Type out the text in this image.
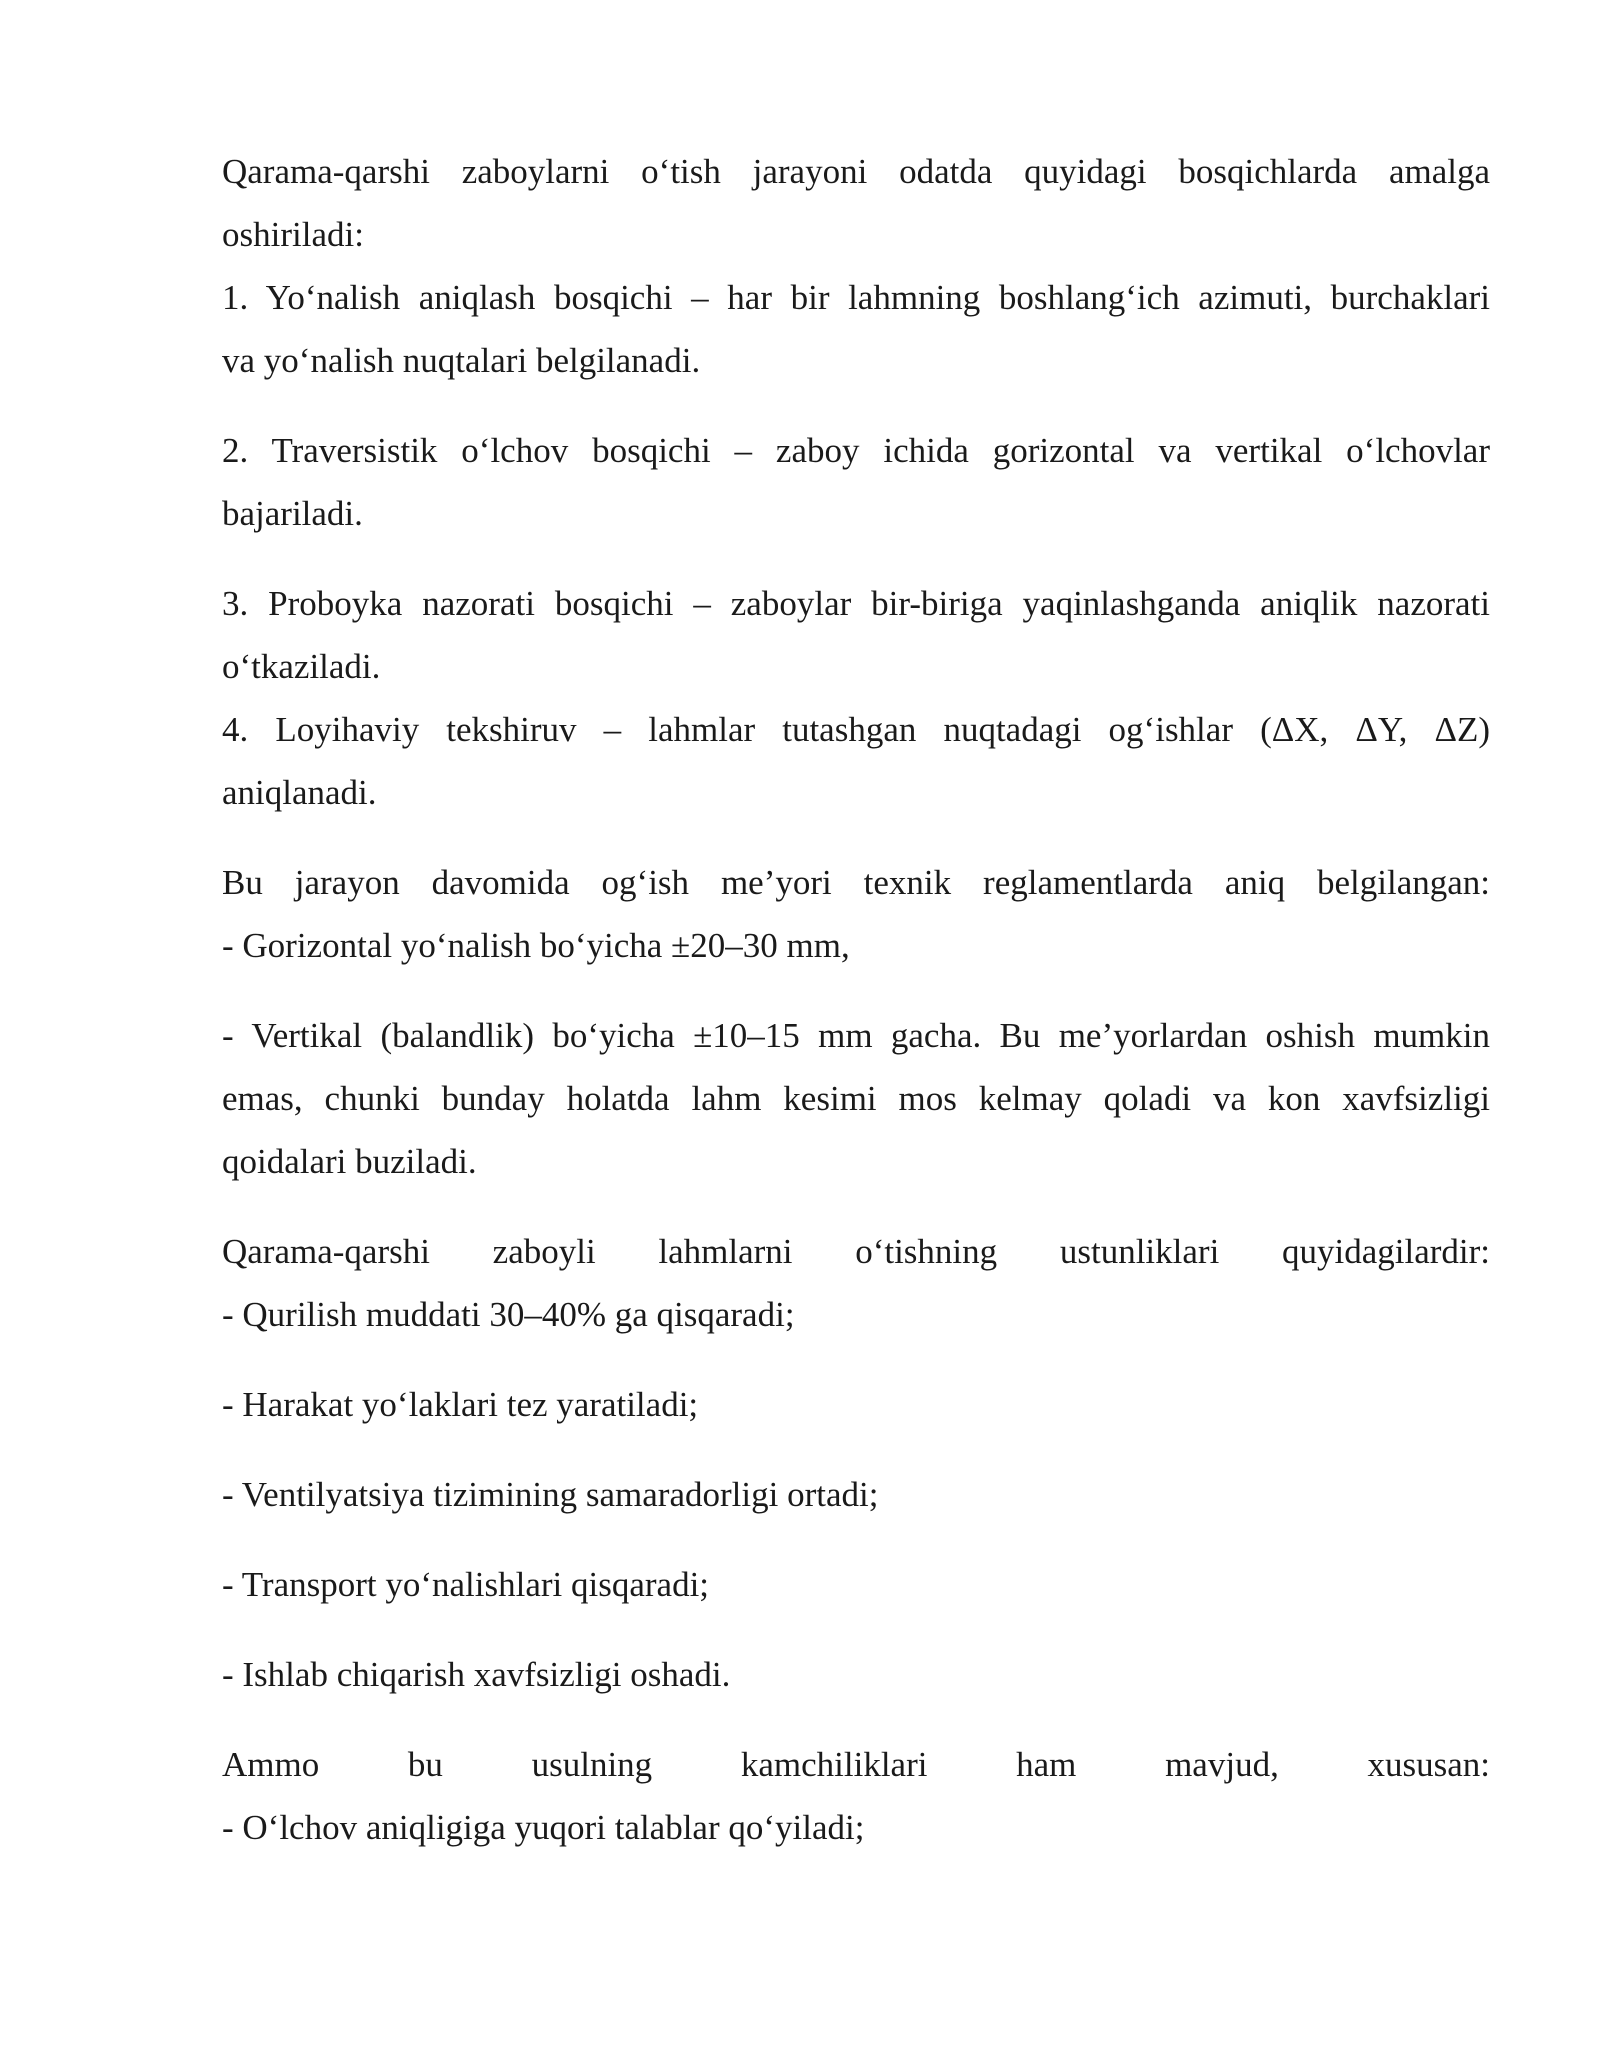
Qarama-qarshi zaboylarni o‘tish jarayoni odatda quyidagi bosqichlarda amalga
oshiriladi:
1. Yo‘nalish aniqlash bosqichi – har bir lahmning boshlang‘ich azimuti, burchaklari
va yo‘nalish nuqtalari belgilanadi.
2. Traversistik o‘lchov bosqichi – zaboy ichida gorizontal va vertikal o‘lchovlar
bajariladi.
3. Proboyka nazorati bosqichi – zaboylar bir-biriga yaqinlashganda aniqlik nazorati
o‘tkaziladi.
4. Loyihaviy tekshiruv – lahmlar tutashgan nuqtadagi og‘ishlar (ΔX, ΔY, ΔZ)
aniqlanadi.
Bu jarayon davomida og‘ish me’yori texnik reglamentlarda aniq belgilangan:
- Gorizontal yo‘nalish bo‘yicha ±20–30 mm,
- Vertikal (balandlik) bo‘yicha ±10–15 mm gacha. Bu me’yorlardan oshish mumkin
emas, chunki bunday holatda lahm kesimi mos kelmay qoladi va kon xavfsizligi
qoidalari buziladi.
Qarama-qarshi zaboyli lahmlarni o‘tishning ustunliklari quyidagilardir:
- Qurilish muddati 30–40% ga qisqaradi;
- Harakat yo‘laklari tez yaratiladi;
- Ventilyatsiya tizimining samaradorligi ortadi;
- Transport yo‘nalishlari qisqaradi;
- Ishlab chiqarish xavfsizligi oshadi.
Ammo bu usulning kamchiliklari ham mavjud, xususan:
- O‘lchov aniqligiga yuqori talablar qo‘yiladi;
